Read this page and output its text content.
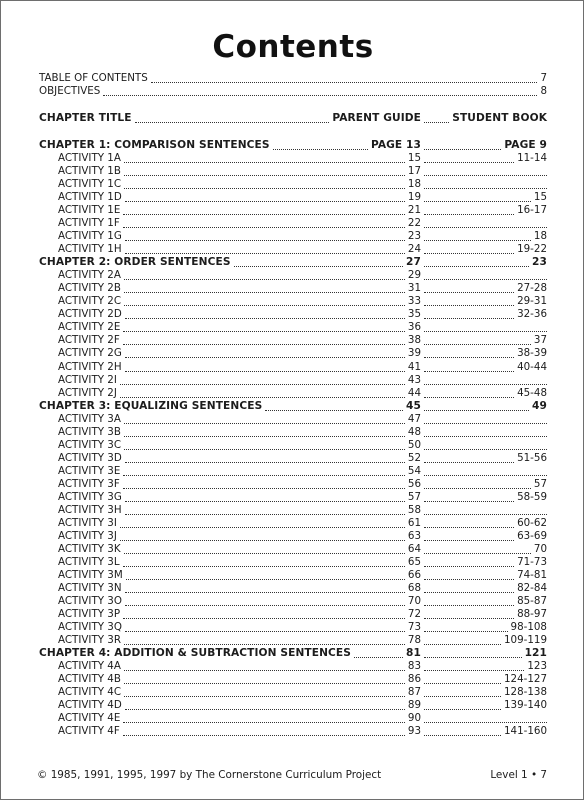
Contents
TABLE OF CONTENTS	7
OBJECTIVES	8
CHAPTER TITLE	PARENT GUIDE	STUDENT BOOK
CHAPTER 1: COMPARISON SENTENCES	PAGE 13	PAGE 9
ACTIVITY 1A	15	11-14
ACTIVITY 1B	17
ACTIVITY 1C	18
ACTIVITY 1D	19	15
ACTIVITY 1E	21	16-17
ACTIVITY 1F	22
ACTIVITY 1G	23	18
ACTIVITY 1H	24	19-22
CHAPTER 2: ORDER SENTENCES	27	23
ACTIVITY 2A	29
ACTIVITY 2B	31	27-28
ACTIVITY 2C	33	29-31
ACTIVITY 2D	35	32-36
ACTIVITY 2E	36
ACTIVITY 2F	38	37
ACTIVITY 2G	39	38-39
ACTIVITY 2H	41	40-44
ACTIVITY 2I	43
ACTIVITY 2J	44	45-48
CHAPTER 3: EQUALIZING SENTENCES	45	49
ACTIVITY 3A	47
ACTIVITY 3B	48
ACTIVITY 3C	50
ACTIVITY 3D	52	51-56
ACTIVITY 3E	54
ACTIVITY 3F	56	57
ACTIVITY 3G	57	58-59
ACTIVITY 3H	58
ACTIVITY 3I	61	60-62
ACTIVITY 3J	63	63-69
ACTIVITY 3K	64	70
ACTIVITY 3L	65	71-73
ACTIVITY 3M	66	74-81
ACTIVITY 3N	68	82-84
ACTIVITY 3O	70	85-87
ACTIVITY 3P	72	88-97
ACTIVITY 3Q	73	98-108
ACTIVITY 3R	78	109-119
CHAPTER 4: ADDITION & SUBTRACTION SENTENCES	81	121
ACTIVITY 4A	83	123
ACTIVITY 4B	86	124-127
ACTIVITY 4C	87	128-138
ACTIVITY 4D	89	139-140
ACTIVITY 4E	90
ACTIVITY 4F	93	141-160
© 1985, 1991, 1995, 1997 by The Cornerstone Curriculum Project	Level 1 • 7
